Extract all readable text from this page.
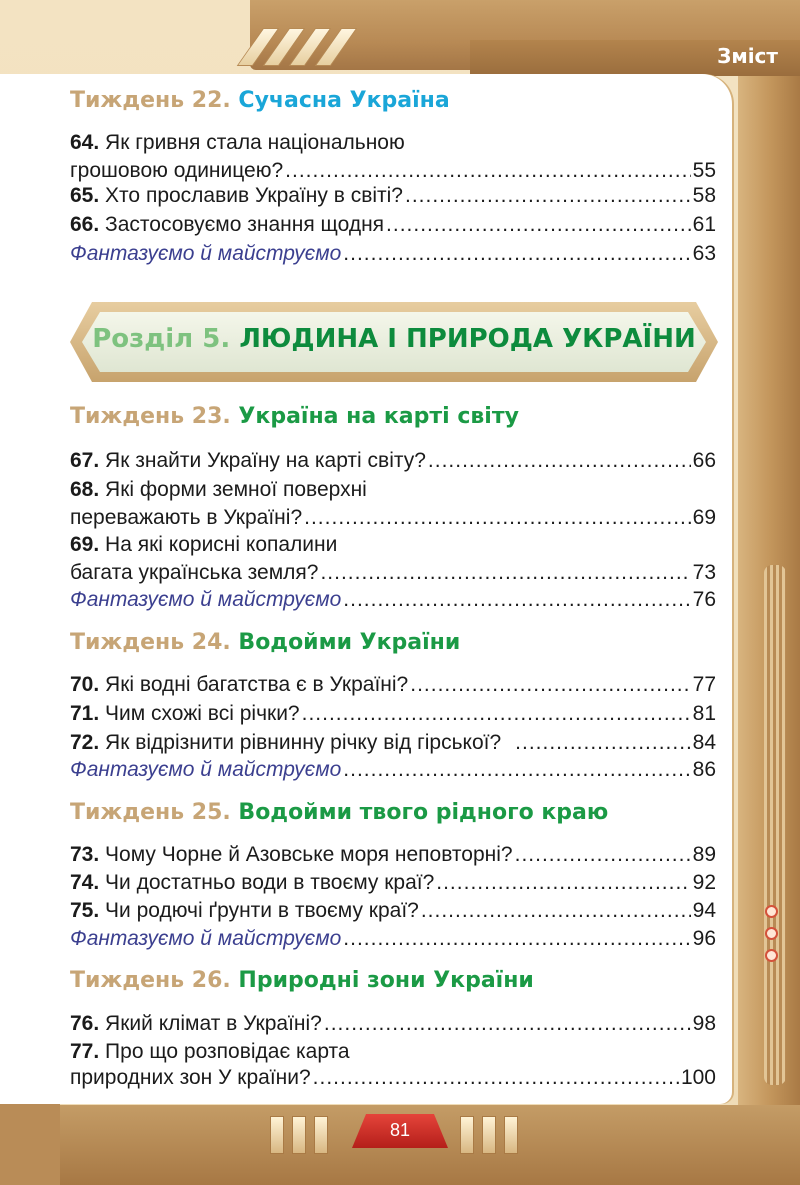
Зміст
Тиждень 22. Сучасна Україна
64. Як гривня стала національною
грошовою одиницею? .....	55
65. Хто прославив Україну в світі? .....	58
66. Застосовуємо знання щодня .....	61
Фантазуємо й майструємо .....	63
Розділ 5. ЛЮДИНА І ПРИРОДА УКРАЇНИ
Тиждень 23. Україна на карті світу
67. Як знайти Україну на карті світу? .....	66
68. Які форми земної поверхні
переважають в Україні? .....	69
69. На які корисні копалини
багата українська земля? .....	73
Фантазуємо й майструємо .....	76
Тиждень 24. Водойми України
70. Які водні багатства є в Україні? .....	77
71. Чим схожі всі річки? .....	81
72. Як відрізнити рівнинну річку від гірської? .....	84
Фантазуємо й майструємо .....	86
Тиждень 25. Водойми твого рідного краю
73. Чому Чорне й Азовське моря неповторні? .....	89
74. Чи достатньо води в твоєму краї? .....	92
75. Чи родючі ґрунти в твоєму краї? .....	94
Фантазуємо й майструємо .....	96
Тиждень 26. Природні зони України
76. Який клімат в Україні? .....	98
77. Про що розповідає карта
природних зон У країни? .....	100
81
